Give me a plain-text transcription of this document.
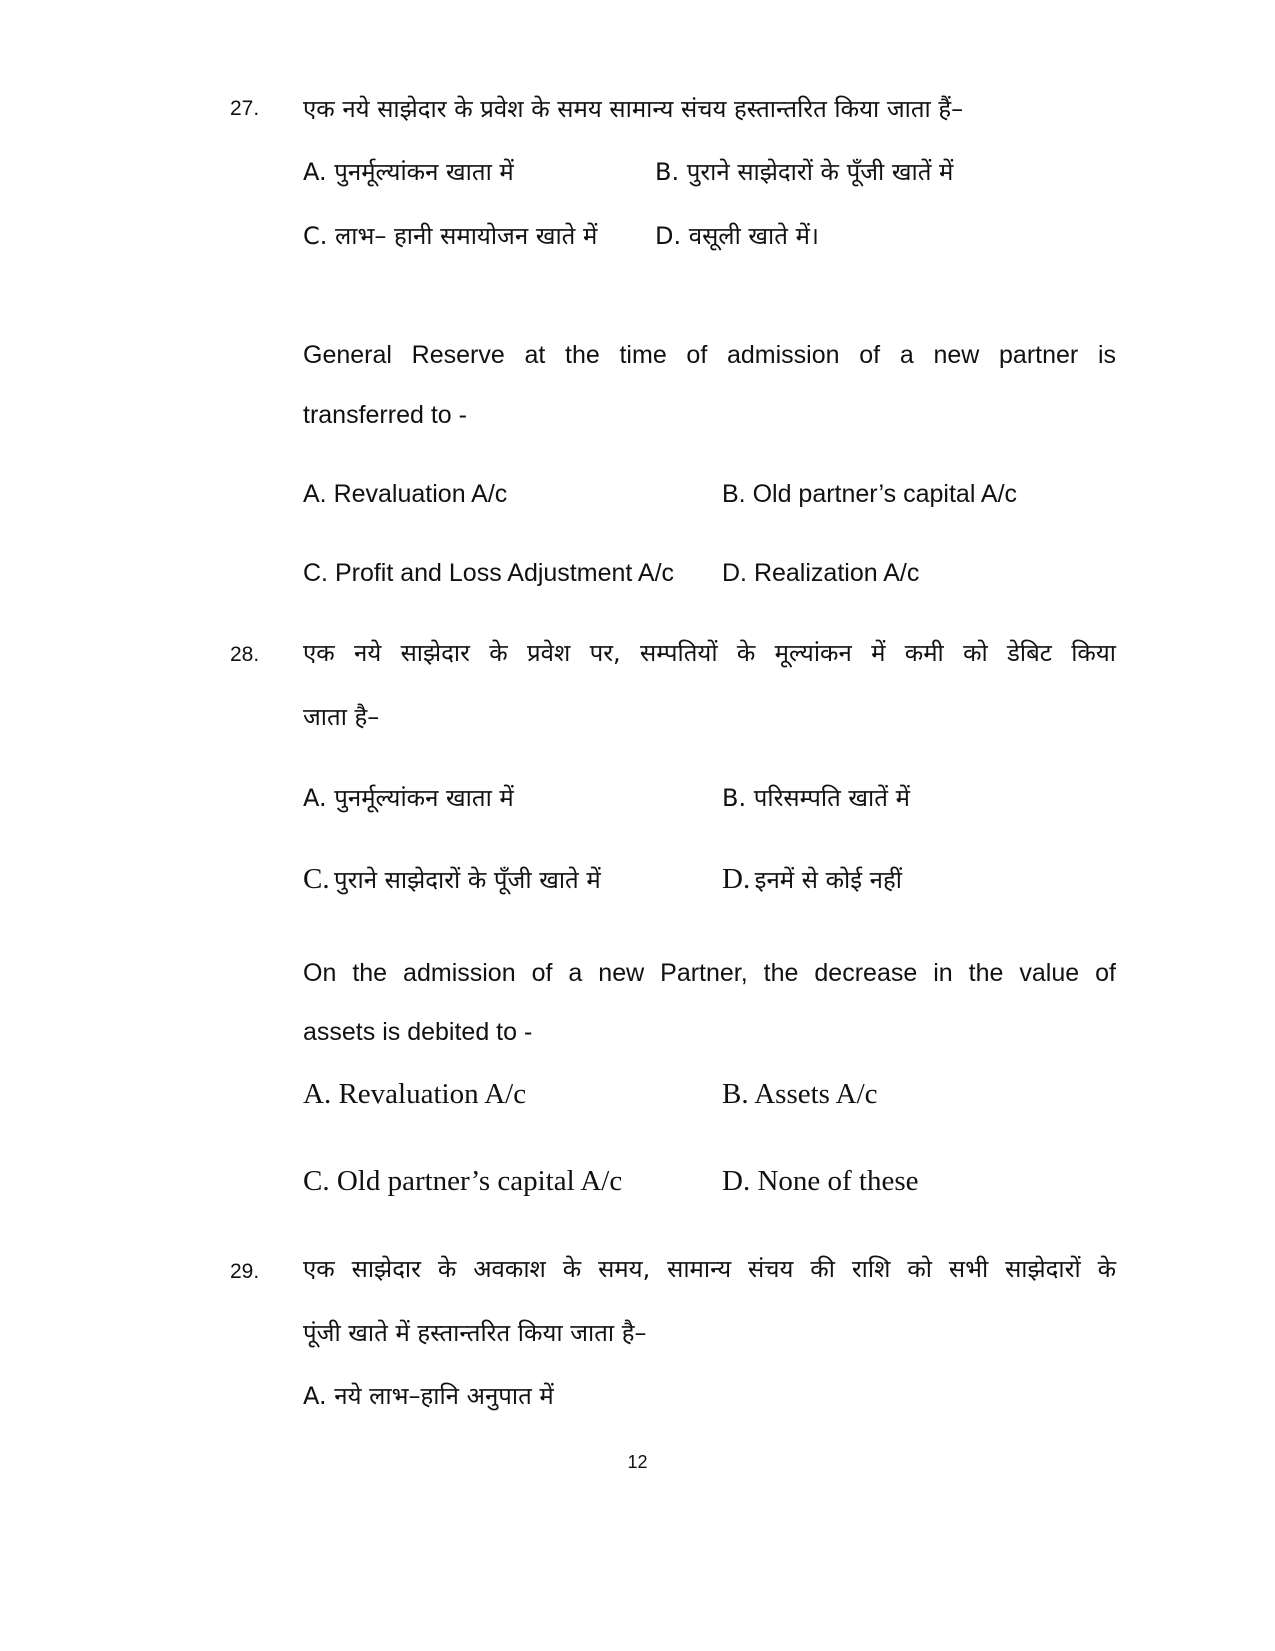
27. एक नये साझेदार के प्रवेश के समय सामान्य संचय हस्तान्तरित किया जाता हैं–
A. पुनर्मूल्यांकन खाता में	B. पुराने साझेदारों के पूँजी खातें में
C. लाभ– हानी समायोजन खाते में D. वसूली खाते में।
General Reserve at the time of admission of a new partner is
transferred to -
A. Revaluation A/c	B. Old partner’s capital A/c
C. Profit and Loss Adjustment A/c D. Realization A/c
28. एक नये साझेदार के प्रवेश पर, सम्पतियों के मूल्यांकन में कमी को डेबिट किया
जाता है–
A. पुनर्मूल्यांकन खाता में	B. परिसम्पति खातें में
C. पुराने साझेदारों के पूँजी खाते में	D. इनमें से कोई नहीं
On the admission of a new Partner, the decrease in the value of
assets is debited to -
A. Revaluation A/c	B. Assets A/c
C. Old partner’s capital A/c	D. None of these
29. एक साझेदार के अवकाश के समय, सामान्य संचय की राशि को सभी साझेदारों के
पूंजी खाते में हस्तान्तरित किया जाता है–
A. नये लाभ–हानि अनुपात में
12
